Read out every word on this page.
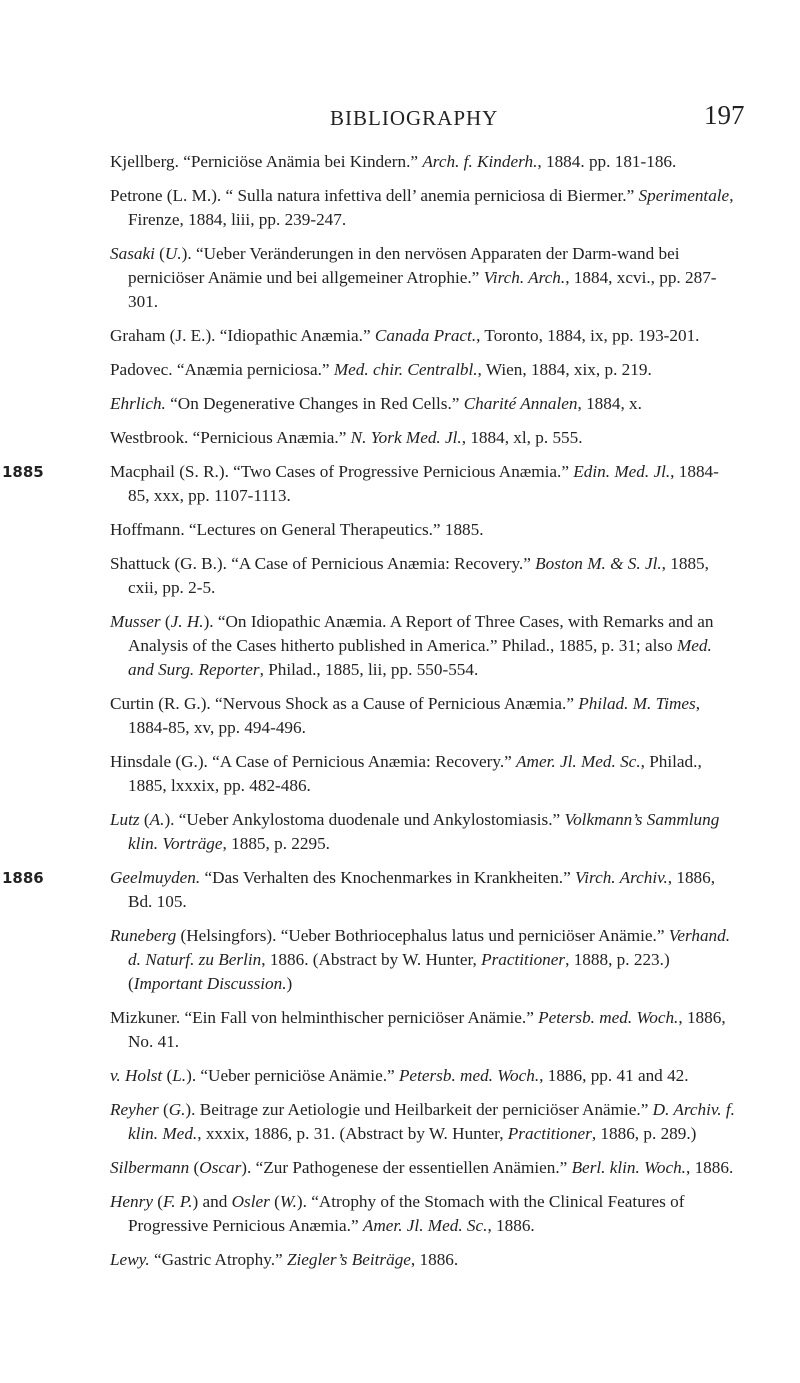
BIBLIOGRAPHY	197
Kjellberg. “Perniciöse Anämia bei Kindern.” Arch. f. Kinderh., 1884. pp. 181-186.
Petrone (L. M.). “ Sulla natura infettiva dell’ anemia perniciosa di Biermer.” Sperimentale, Firenze, 1884, liii, pp. 239-247.
Sasaki (U.). “Ueber Veränderungen in den nervösen Apparaten der Darm-wand bei perniciöser Anämie und bei allgemeiner Atrophie.” Virch. Arch., 1884, xcvi., pp. 287-301.
Graham (J. E.). “Idiopathic Anæmia.” Canada Pract., Toronto, 1884, ix, pp. 193-201.
Padovec. “Anæmia perniciosa.” Med. chir. Centralbl., Wien, 1884, xix, p. 219.
Ehrlich. “On Degenerative Changes in Red Cells.” Charité Annalen, 1884, x.
Westbrook. “Pernicious Anæmia.” N. York Med. Jl., 1884, xl, p. 555.
1885	Macphail (S. R.). “Two Cases of Progressive Pernicious Anæmia.” Edin. Med. Jl., 1884-85, xxx, pp. 1107-1113.
Hoffmann. “Lectures on General Therapeutics.” 1885.
Shattuck (G. B.). “A Case of Pernicious Anæmia: Recovery.” Boston M. & S. Jl., 1885, cxii, pp. 2-5.
Musser (J. H.). “On Idiopathic Anæmia. A Report of Three Cases, with Remarks and an Analysis of the Cases hitherto published in America.” Philad., 1885, p. 31; also Med. and Surg. Reporter, Philad., 1885, lii, pp. 550-554.
Curtin (R. G.). “Nervous Shock as a Cause of Pernicious Anæmia.” Philad. M. Times, 1884-85, xv, pp. 494-496.
Hinsdale (G.). “A Case of Pernicious Anæmia: Recovery.” Amer. Jl. Med. Sc., Philad., 1885, lxxxix, pp. 482-486.
Lutz (A.). “Ueber Ankylostoma duodenale und Ankylostomiasis.” Volkmann’s Sammlung klin. Vorträge, 1885, p. 2295.
1886	Geelmuyden. “Das Verhalten des Knochenmarkes in Krankheiten.” Virch. Archiv., 1886, Bd. 105.
Runeberg (Helsingfors). “Ueber Bothriocephalus latus und perniciöser Anämie.” Verhand. d. Naturf. zu Berlin, 1886. (Abstract by W. Hunter, Practitioner, 1888, p. 223.) (Important Discussion.)
Mizkuner. “Ein Fall von helminthischer perniciöser Anämie.” Petersb. med. Woch., 1886, No. 41.
v. Holst (L.). “Ueber perniciöse Anämie.” Petersb. med. Woch., 1886, pp. 41 and 42.
Reyher (G.). Beitrage zur Aetiologie und Heilbarkeit der perniciöser Anämie.” D. Archiv. f. klin. Med., xxxix, 1886, p. 31. (Abstract by W. Hunter, Practitioner, 1886, p. 289.)
Silbermann (Oscar). “Zur Pathogenese der essentiellen Anämien.” Berl. klin. Woch., 1886.
Henry (F. P.) and Osler (W.). “Atrophy of the Stomach with the Clinical Features of Progressive Pernicious Anæmia.” Amer. Jl. Med. Sc., 1886.
Lewy. “Gastric Atrophy.” Ziegler’s Beiträge, 1886.
